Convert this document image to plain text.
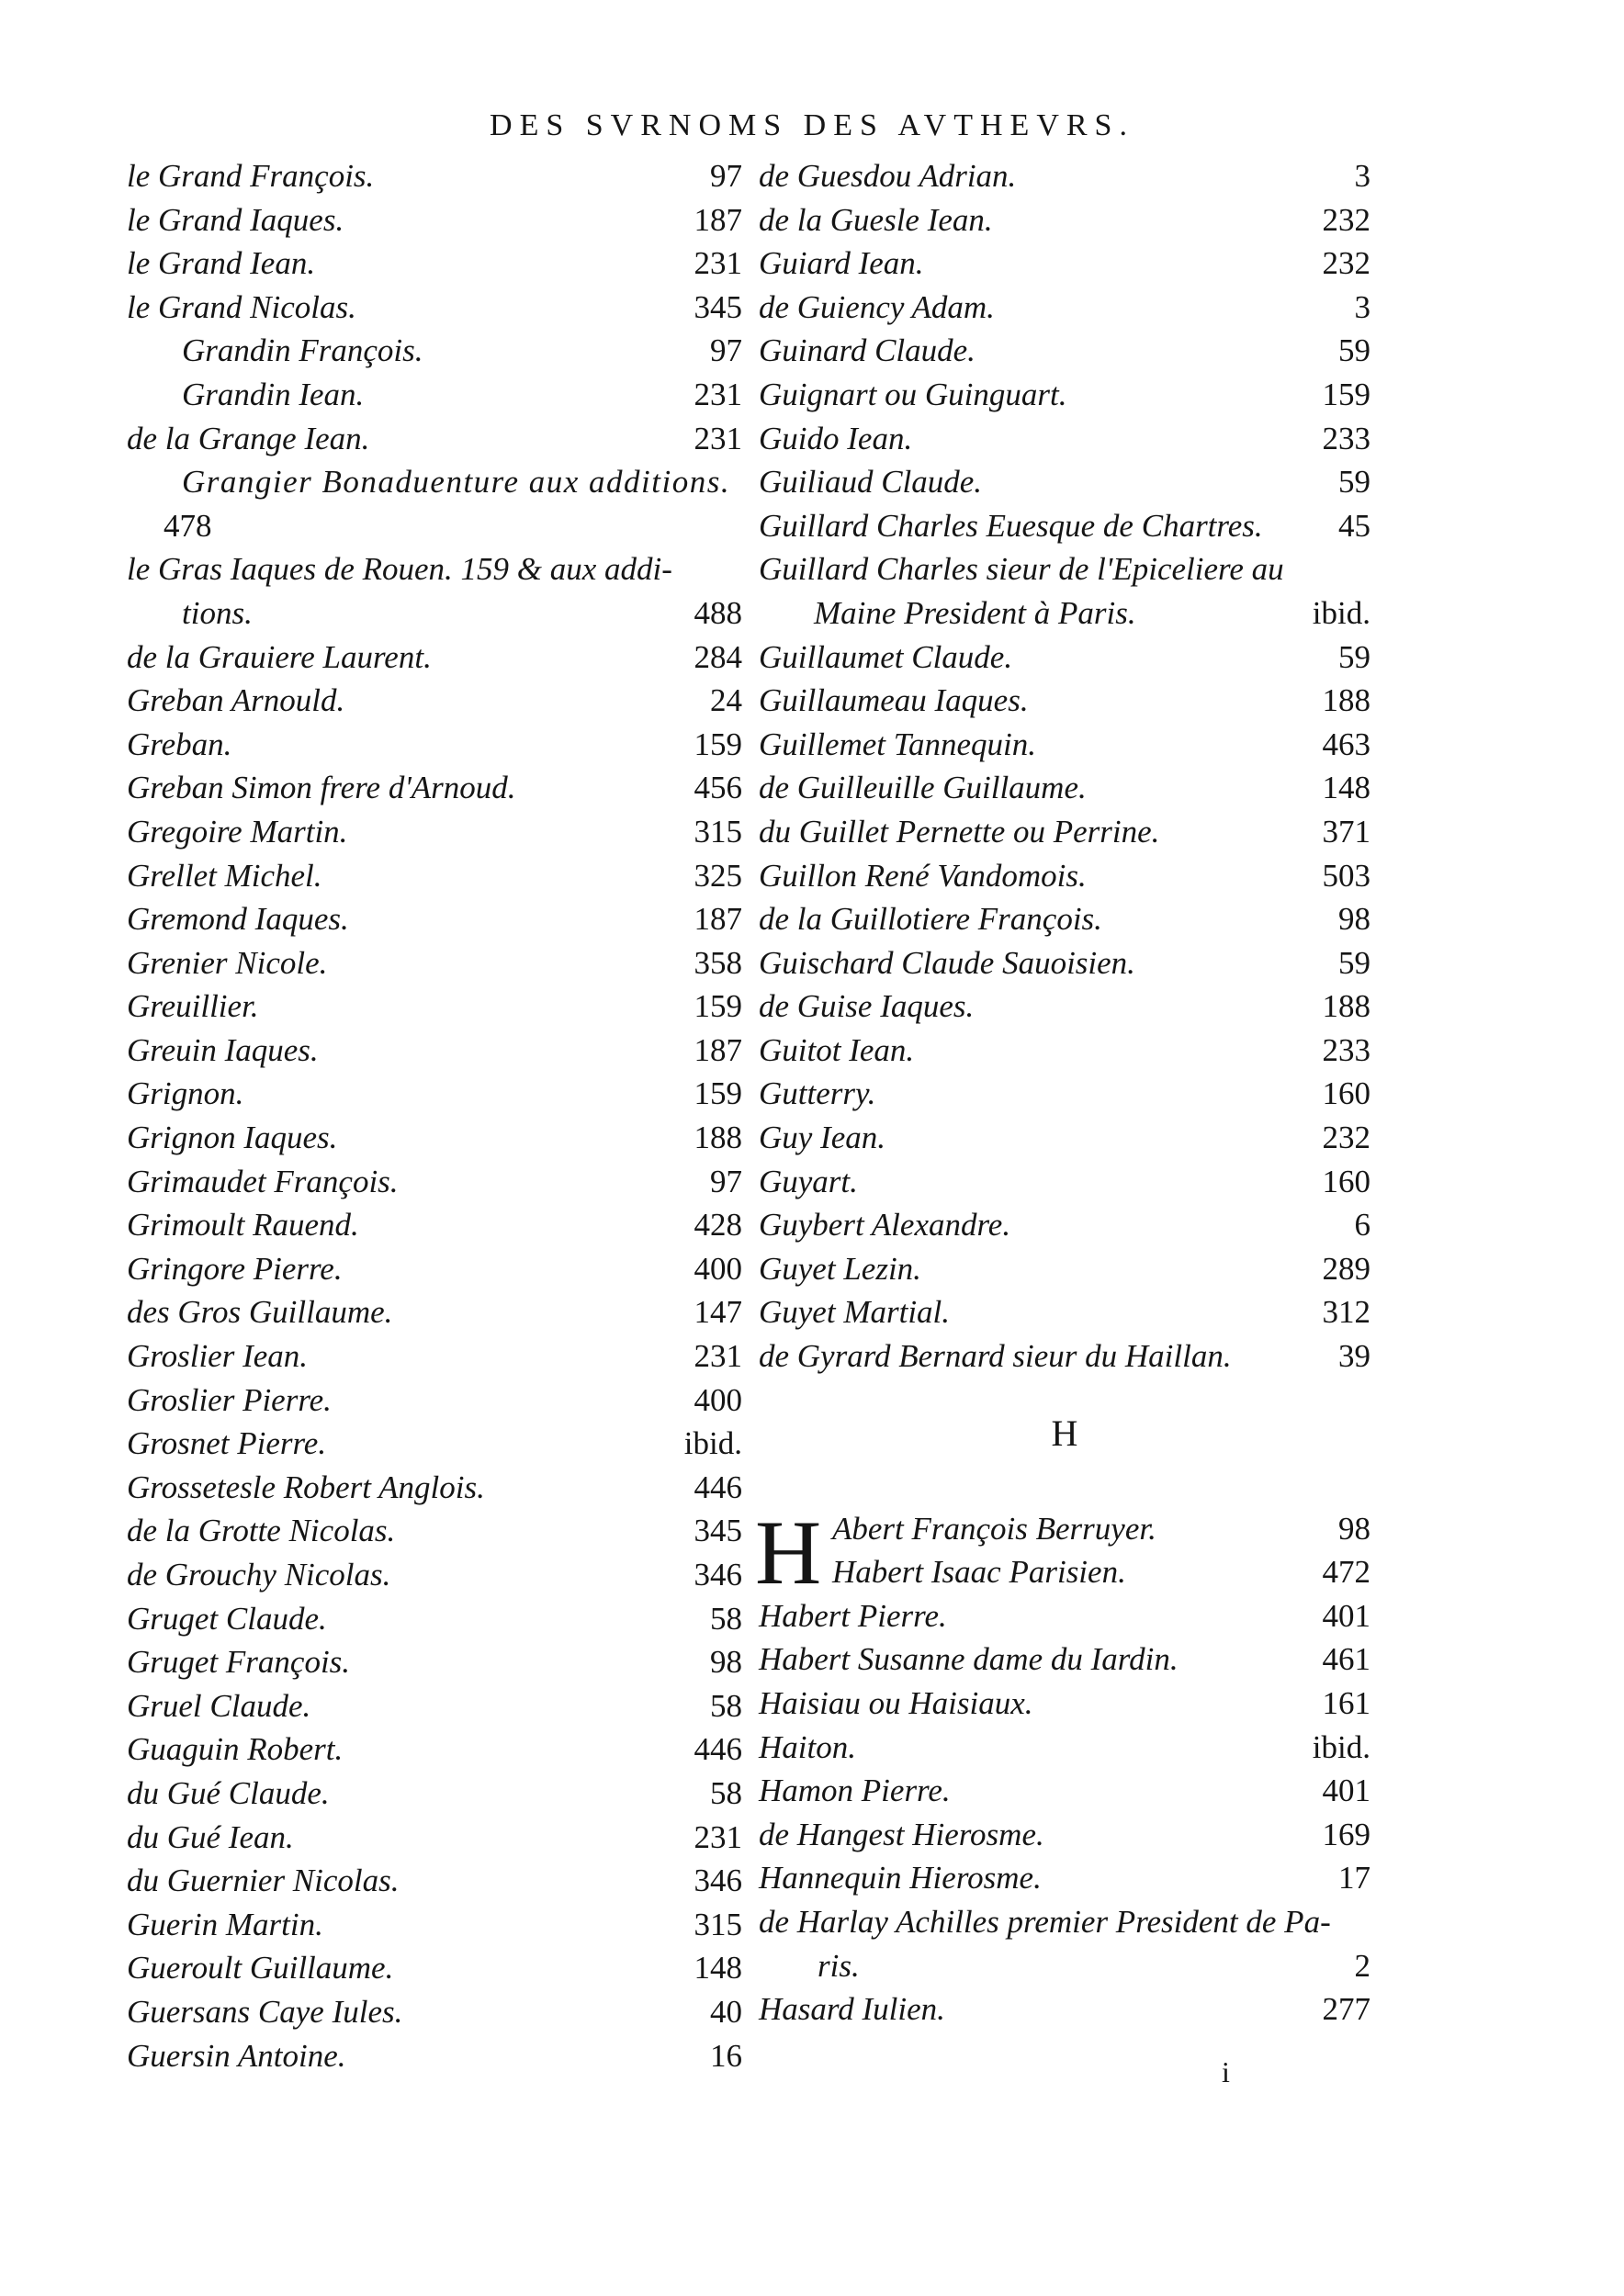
DES SVRNOMS DES AVTHEVRS.
le Grand François.	97
le Grand Iaques.	187
le Grand Iean.	231
le Grand Nicolas.	345
Grandin François.	97
Grandin Iean.	231
de la Grange Iean.	231
Grangier Bonaduenture aux additions.
478
le Gras Iaques de Rouen. 159 & aux addi-
tions.	488
de la Grauiere Laurent.	284
Greban Arnould.	24
Greban.	159
Greban Simon frere d'Arnoud.	456
Gregoire Martin.	315
Grellet Michel.	325
Gremond Iaques.	187
Grenier Nicole.	358
Greuillier.	159
Greuin Iaques.	187
Grignon.	159
Grignon Iaques.	188
Grimaudet François.	97
Grimoult Rauend.	428
Gringore Pierre.	400
des Gros Guillaume.	147
Groslier Iean.	231
Groslier Pierre.	400
Grosnet Pierre.	ibid.
Grossetesle Robert Anglois.	446
de la Grotte Nicolas.	345
de Grouchy Nicolas.	346
Gruget Claude.	58
Gruget François.	98
Gruel Claude.	58
Guaguin Robert.	446
du Gué Claude.	58
du Gué Iean.	231
du Guernier Nicolas.	346
Guerin Martin.	315
Gueroult Guillaume.	148
Guersans Caye Iules.	40
Guersin Antoine.	16
de Guesdou Adrian.	3
de la Guesle Iean.	232
Guiard Iean.	232
de Guiency Adam.	3
Guinard Claude.	59
Guignart ou Guinguart.	159
Guido Iean.	233
Guiliaud Claude.	59
Guillard Charles Euesque de Chartres. 45
Guillard Charles sieur de l'Epiceliere au
Maine President à Paris.	ibid.
Guillaumet Claude.	59
Guillaumeau Iaques.	188
Guillemet Tannequin.	463
de Guilleuille Guillaume.	148
du Guillet Pernette ou Perrine.	371
Guillon René Vandomois.	503
de la Guillotiere François.	98
Guischard Claude Sauoisien.	59
de Guise Iaques.	188
Guitot Iean.	233
Gutterry.	160
Guy Iean.	232
Guyart.	160
Guybert Alexandre.	6
Guyet Lezin.	289
Guyet Martial.	312
de Gyrard Bernard sieur du Haillan.	39
H
H Abert François Berruyer.	98
Habert Isaac Parisien.	472
Habert Pierre.	401
Habert Susanne dame du Iardin.	461
Haisiau ou Haisiaux.	161
Haiton.	ibid.
Hamon Pierre.	401
de Hangest Hierosme.	169
Hannequin Hierosme.	17
de Harlay Achilles premier President de Pa-
ris.	2
Hasard Iulien.	277
i
